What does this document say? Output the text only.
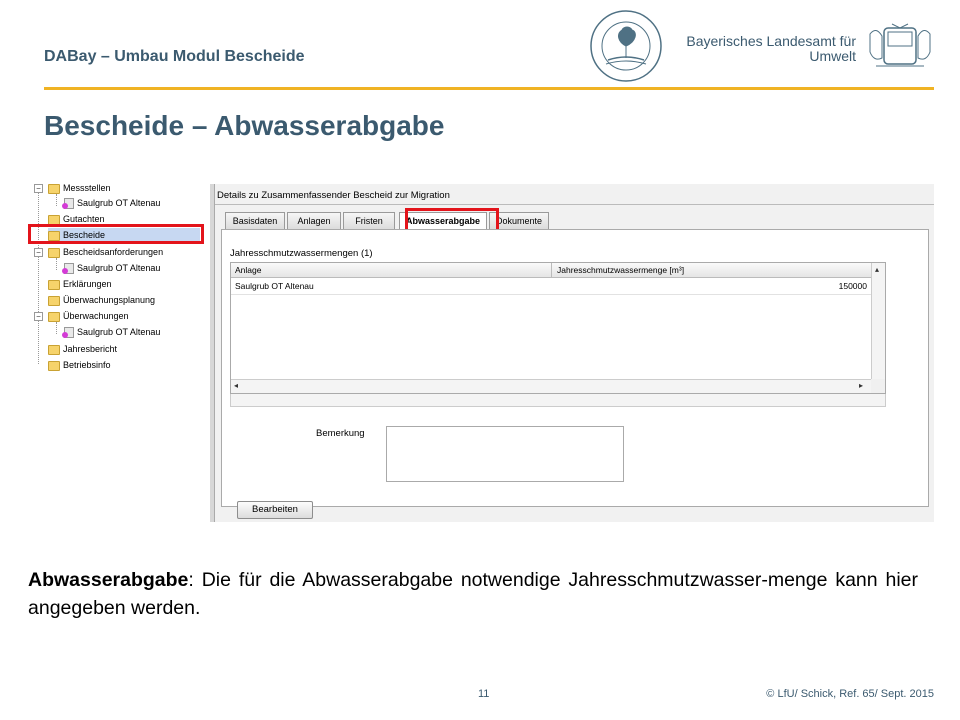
DABay – Umbau Modul Bescheide
Bayerisches Landesamt für
Umwelt
Bescheide – Abwasserabgabe
−	Messstellen
Saulgrub OT Altenau
Gutachten
Bescheide
−	Bescheidsanforderungen
Saulgrub OT Altenau
Erklärungen
Überwachungsplanung
−	Überwachungen
Saulgrub OT Altenau
Jahresbericht
Betriebsinfo
Details zu Zusammenfassender Bescheid zur Migration
Basisdaten	Anlagen	Fristen	Abwasserabgabe	Dokumente
Jahresschmutzwassermengen (1)
Anlage	Jahresschmutzwassermenge [m³]
Saulgrub OT Altenau	150000
▴
◂	▸
Bemerkung
Bearbeiten
Abwasserabgabe: Die für die Abwasserabgabe notwendige Jahresschmutzwasser-menge kann hier angegeben werden.
11	© LfU/ Schick, Ref. 65/ Sept. 2015
